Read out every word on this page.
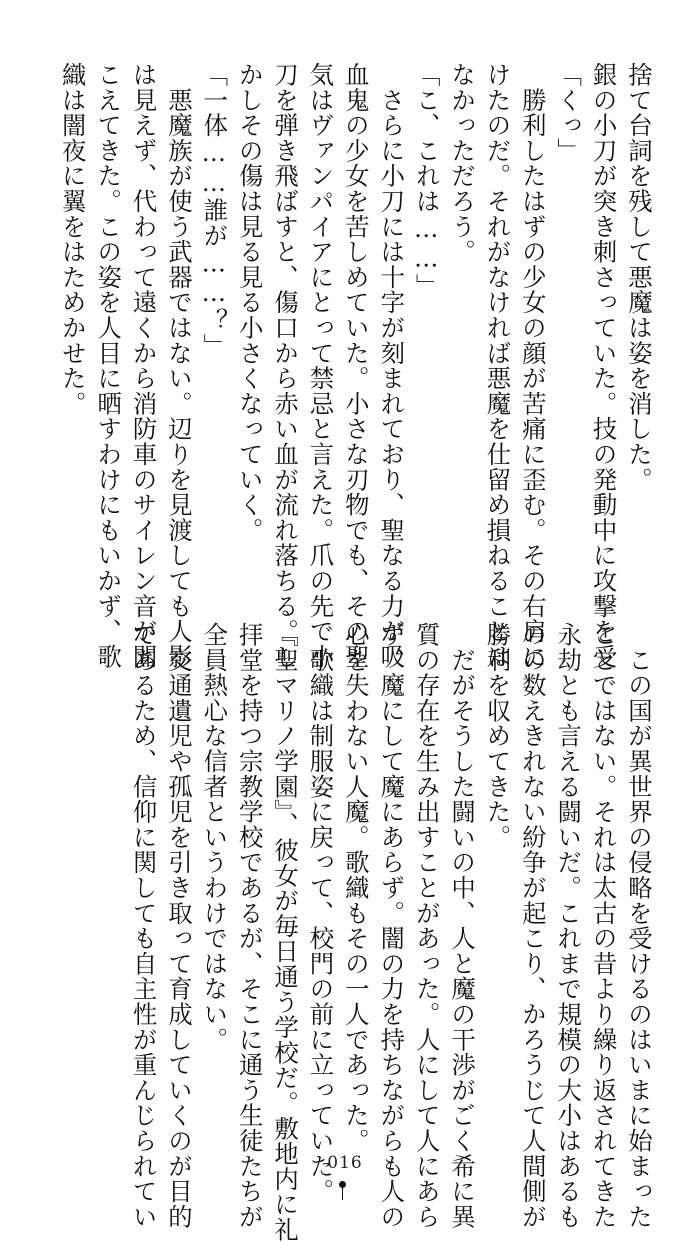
捨て台詞を残して悪魔は姿を消した。
銀の小刀が突き刺さっていた。技の発動中に攻撃を受
「くっ」
　勝利したはずの少女の顔が苦痛に歪む。その右肩に
けたのだ。それがなければ悪魔を仕留め損ねることは
なかっただろう。
「こ、これは……」
　さらに小刀には十字が刻まれており、聖なる力が吸
血鬼の少女を苦しめていた。小さな刃物でも、その聖
気はヴァンパイアにとって禁忌と言えた。爪の先で小
刀を弾き飛ばすと、傷口から赤い血が流れ落ちる。し
かしその傷は見る見る小さくなっていく。
「一体……誰が……？」
　悪魔族が使う武器ではない。辺りを見渡しても人影
は見えず、代わって遠くから消防車のサイレン音が聞
こえてきた。この姿を人目に晒すわけにもいかず、歌
織は闇夜に翼をはためかせた。
　この国が異世界の侵略を受けるのはいまに始まった
ことではない。それは太古の昔より繰り返されてきた
永劫とも言える闘いだ。これまで規模の大小はあるも
のの数えきれない紛争が起こり、かろうじて人間側が
勝利を収めてきた。
　だがそうした闘いの中、人と魔の干渉がごく希に異
質の存在を生み出すことがあった。人にして人にあら
ず、魔にして魔にあらず。闇の力を持ちながらも人の
心を失わない人魔。歌織もその一人であった。
　歌織は制服姿に戻って、校門の前に立っていた。
『聖マリノ学園』、彼女が毎日通う学校だ。敷地内に礼
拝堂を持つ宗教学校であるが、そこに通う生徒たちが
全員熱心な信者というわけではない。
　交通遺児や孤児を引き取って育成していくのが目的
であるため、信仰に関しても自主性が重んじられてい	016
